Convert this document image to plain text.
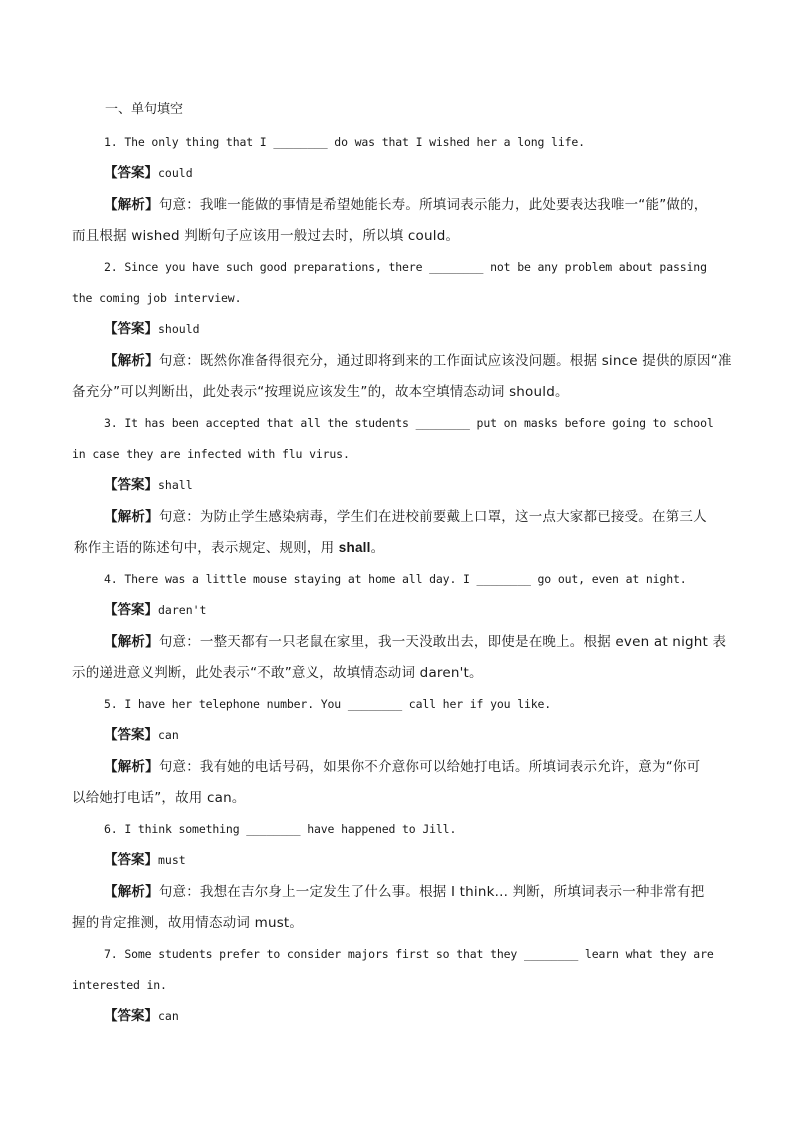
一、单句填空
1. The only thing that I ________ do was that I wished her a long life.
【答案】could
【解析】句意：我唯一能做的事情是希望她能长寿。所填词表示能力，此处要表达我唯一“能”做的，
而且根据 wished 判断句子应该用一般过去时，所以填 could。
2. Since you have such good preparations, there ________ not be any problem about passing
the coming job interview.
【答案】should
【解析】句意：既然你准备得很充分，通过即将到来的工作面试应该没问题。根据 since 提供的原因“准
备充分”可以判断出，此处表示“按理说应该发生”的，故本空填情态动词 should。
3. It has been accepted that all the students ________ put on masks before going to school
in case they are infected with flu virus.
【答案】shall
【解析】句意：为防止学生感染病毒，学生们在进校前要戴上口罩，这一点大家都已接受。在第三人
称作主语的陈述句中，表示规定、规则，用 shall。
4. There was a little mouse staying at home all day. I ________ go out, even at night.
【答案】daren't
【解析】句意：一整天都有一只老鼠在家里，我一天没敢出去，即使是在晚上。根据 even at night 表
示的递进意义判断，此处表示“不敢”意义，故填情态动词 daren't。
5. I have her telephone number. You ________ call her if you like.
【答案】can
【解析】句意：我有她的电话号码，如果你不介意你可以给她打电话。所填词表示允许，意为“你可
以给她打电话”，故用 can。
6. I think something ________ have happened to Jill.
【答案】must
【解析】句意：我想在吉尔身上一定发生了什么事。根据 I think... 判断，所填词表示一种非常有把
握的肯定推测，故用情态动词 must。
7. Some students prefer to consider majors first so that they ________ learn what they are
interested in.
【答案】can
